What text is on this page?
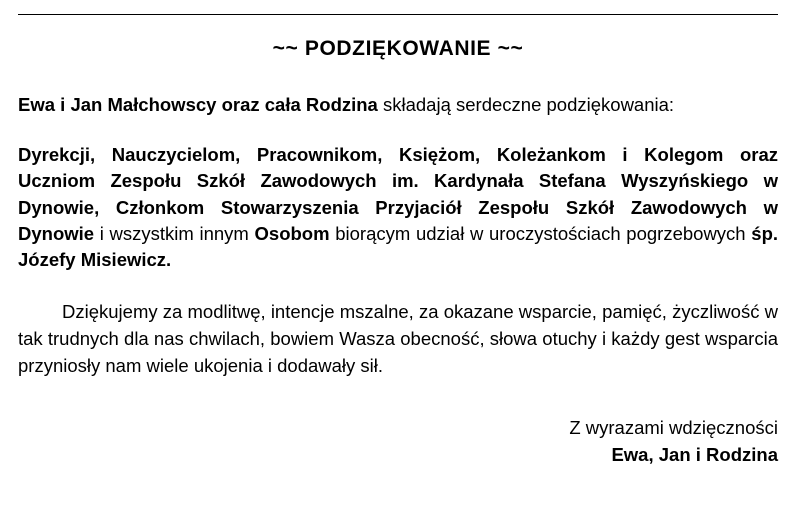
~~ PODZIĘKOWANIE ~~

Ewa i Jan Małchowscy oraz cała Rodzina składają serdeczne podziękowania:

Dyrekcji, Nauczycielom, Pracownikom, Księżom, Koleżankom i Kolegom oraz Uczniom Zespołu Szkół Zawodowych im. Kardynała Stefana Wyszyńskiego w Dynowie, Członkom Stowarzyszenia Przyjaciół Zespołu Szkół Zawodowych w Dynowie i wszystkim innym Osobom biorącym udział w uroczystościach pogrzebowych śp. Józefy Misiewicz.

Dziękujemy za modlitwę, intencje mszalne, za okazane wsparcie, pamięć, życzliwość w tak trudnych dla nas chwilach, bowiem Wasza obecność, słowa otuchy i każdy gest wsparcia przyniosły nam wiele ukojenia i dodawały sił.

Z wyrazami wdzięczności
Ewa, Jan i Rodzina
